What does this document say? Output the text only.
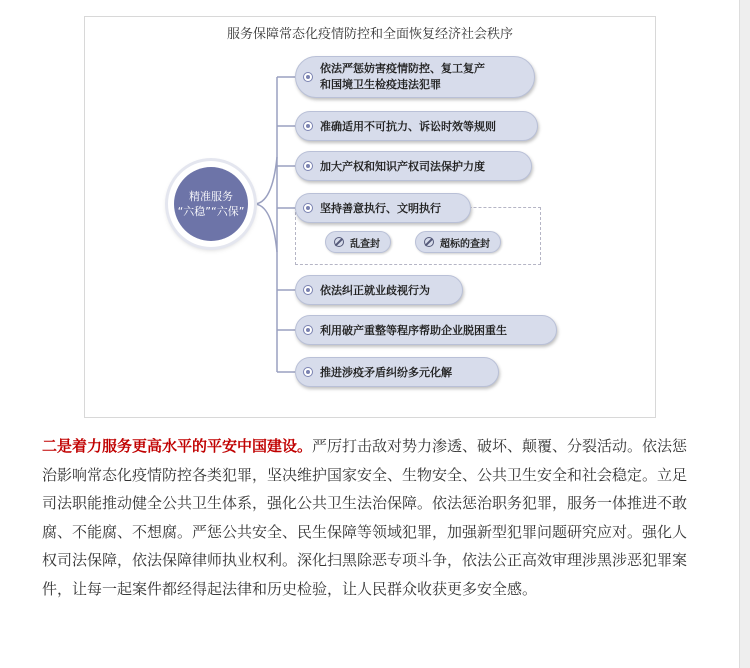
服务保障常态化疫情防控和全面恢复经济社会秩序
精准服务
“六稳”“六保”
依法严惩妨害疫情防控、复工复产
和国境卫生检疫违法犯罪
准确适用不可抗力、诉讼时效等规则
加大产权和知识产权司法保护力度
坚持善意执行、文明执行
乱查封	超标的查封
依法纠正就业歧视行为
利用破产重整等程序帮助企业脱困重生
推进涉疫矛盾纠纷多元化解
二是着力服务更高水平的平安中国建设。严厉打击敌对势力渗透、破坏、颠覆、分裂活动。依法惩治影响常态化疫情防控各类犯罪，坚决维护国家安全、生物安全、公共卫生安全和社会稳定。立足司法职能推动健全公共卫生体系，强化公共卫生法治保障。依法惩治职务犯罪，服务一体推进不敢腐、不能腐、不想腐。严惩公共安全、民生保障等领域犯罪，加强新型犯罪问题研究应对。强化人权司法保障，依法保障律师执业权利。深化扫黑除恶专项斗争，依法公正高效审理涉黑涉恶犯罪案件，让每一起案件都经得起法律和历史检验，让人民群众收获更多安全感。
